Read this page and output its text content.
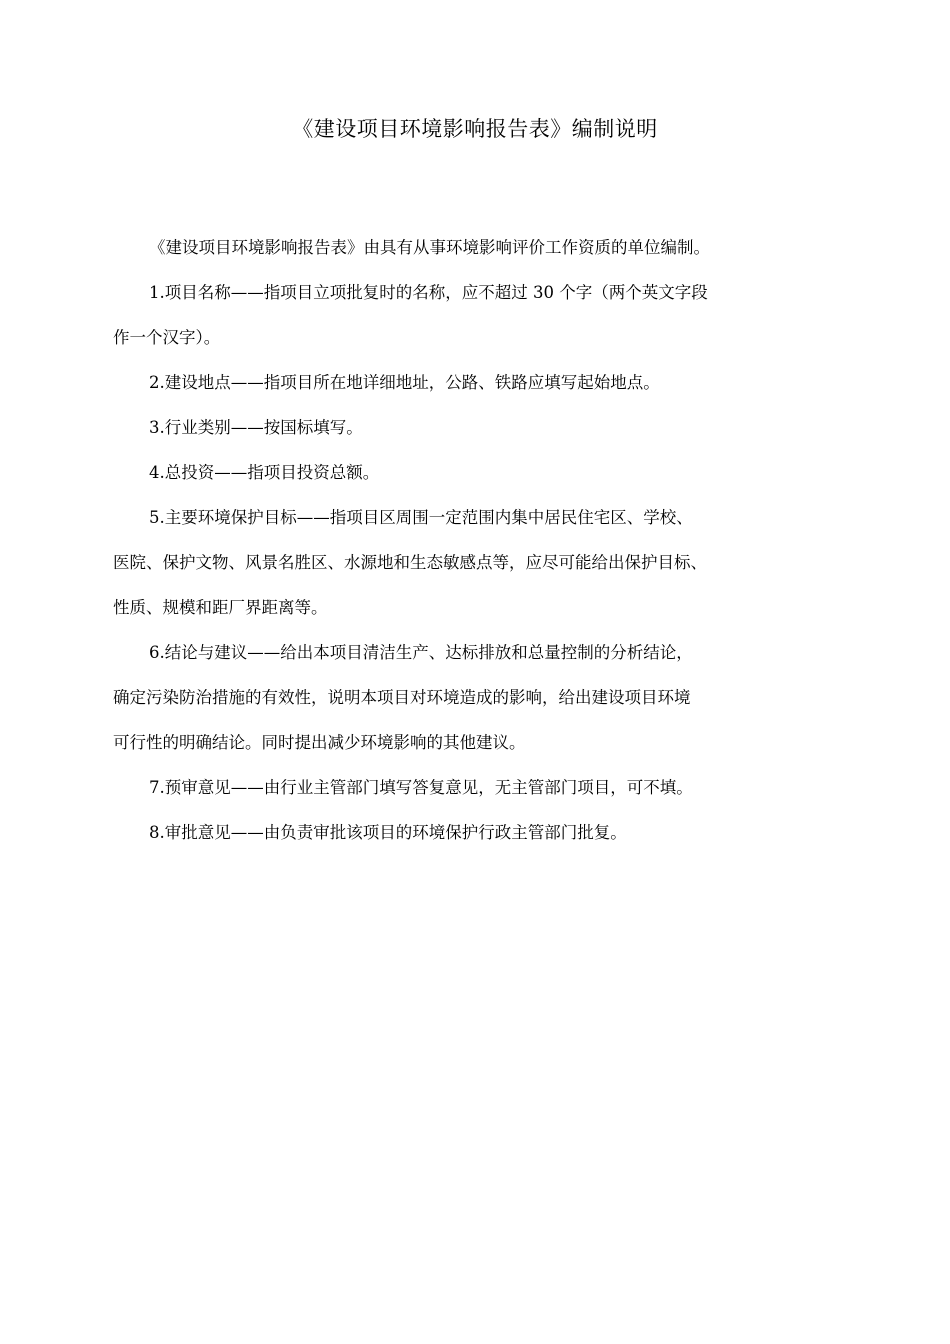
《建设项目环境影响报告表》编制说明

《建设项目环境影响报告表》由具有从事环境影响评价工作资质的单位编制。

1.项目名称——指项目立项批复时的名称，应不超过 30 个字（两个英文字段
作一个汉字）。

2.建设地点——指项目所在地详细地址，公路、铁路应填写起始地点。

3.行业类别——按国标填写。

4.总投资——指项目投资总额。

5.主要环境保护目标——指项目区周围一定范围内集中居民住宅区、学校、
医院、保护文物、风景名胜区、水源地和生态敏感点等，应尽可能给出保护目标、
性质、规模和距厂界距离等。

6.结论与建议——给出本项目清洁生产、达标排放和总量控制的分析结论，
确定污染防治措施的有效性，说明本项目对环境造成的影响，给出建设项目环境
可行性的明确结论。同时提出减少环境影响的其他建议。

7.预审意见——由行业主管部门填写答复意见，无主管部门项目，可不填。

8.审批意见——由负责审批该项目的环境保护行政主管部门批复。
